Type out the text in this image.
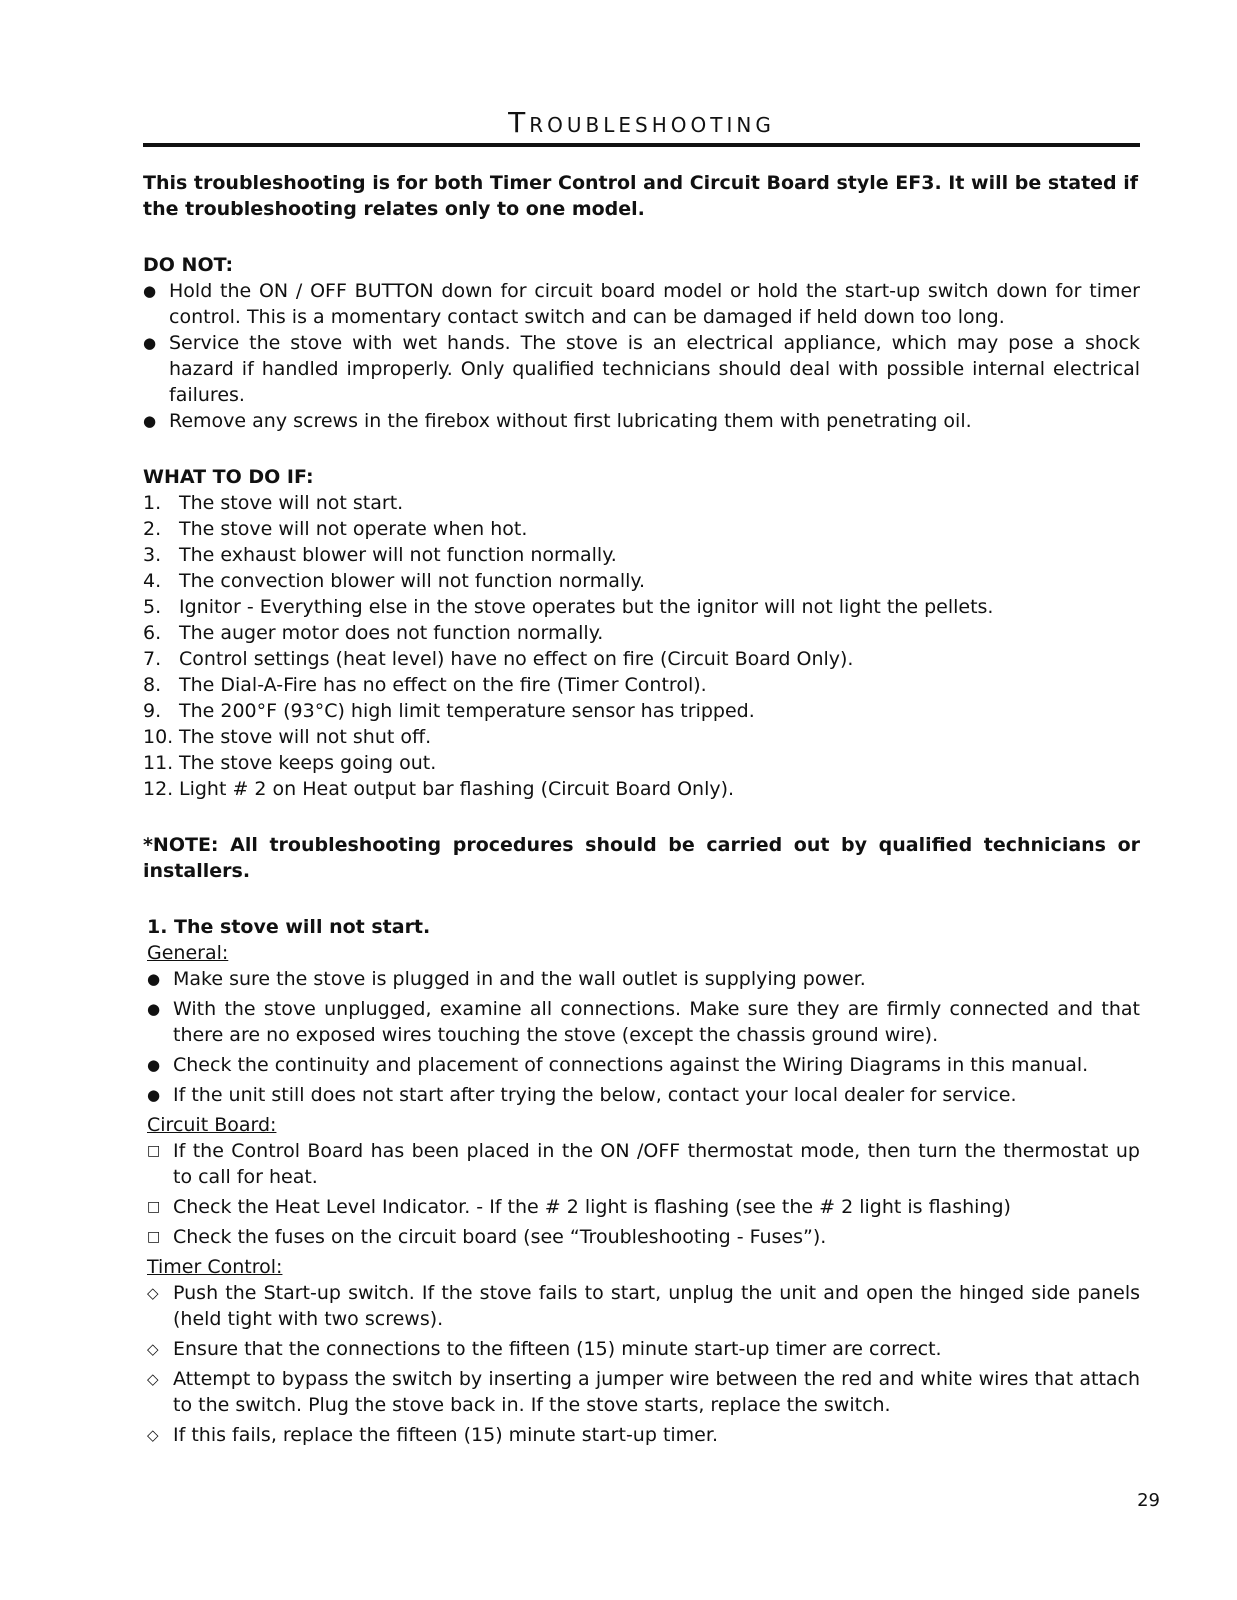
Troubleshooting

This troubleshooting is for both Timer Control and Circuit Board style EF3. It will be stated if the troubleshooting relates only to one model.

DO NOT:

● Hold the ON / OFF BUTTON down for circuit board model or hold the start-up switch down for timer control. This is a momentary contact switch and can be damaged if held down too long.
● Service the stove with wet hands. The stove is an electrical appliance, which may pose a shock hazard if handled improperly. Only qualified technicians should deal with possible internal electrical failures.
● Remove any screws in the firebox without first lubricating them with penetrating oil.

WHAT TO DO IF:

1. The stove will not start.
2. The stove will not operate when hot.
3. The exhaust blower will not function normally.
4. The convection blower will not function normally.
5. Ignitor - Everything else in the stove operates but the ignitor will not light the pellets.
6. The auger motor does not function normally.
7. Control settings (heat level) have no effect on fire (Circuit Board Only).
8. The Dial-A-Fire has no effect on the fire (Timer Control).
9. The 200°F (93°C) high limit temperature sensor has tripped.
10. The stove will not shut off.
11. The stove keeps going out.
12. Light # 2 on Heat output bar flashing (Circuit Board Only).

*NOTE: All troubleshooting procedures should be carried out by qualified technicians or installers.

1. The stove will not start.

General:

● Make sure the stove is plugged in and the wall outlet is supplying power.
● With the stove unplugged, examine all connections. Make sure they are firmly connected and that there are no exposed wires touching the stove (except the chassis ground wire).
● Check the continuity and placement of connections against the Wiring Diagrams in this manual.
● If the unit still does not start after trying the below, contact your local dealer for service.

Circuit Board:

□ If the Control Board has been placed in the ON /OFF thermostat mode, then turn the thermostat up to call for heat.
□ Check the Heat Level Indicator. - If the # 2 light is flashing (see the # 2 light is flashing)
□ Check the fuses on the circuit board (see “Troubleshooting - Fuses”).

Timer Control:

◇ Push the Start-up switch. If the stove fails to start, unplug the unit and open the hinged side panels (held tight with two screws).
◇ Ensure that the connections to the fifteen (15) minute start-up timer are correct.
◇ Attempt to bypass the switch by inserting a jumper wire between the red and white wires that attach to the switch. Plug the stove back in. If the stove starts, replace the switch.
◇ If this fails, replace the fifteen (15) minute start-up timer.
29
